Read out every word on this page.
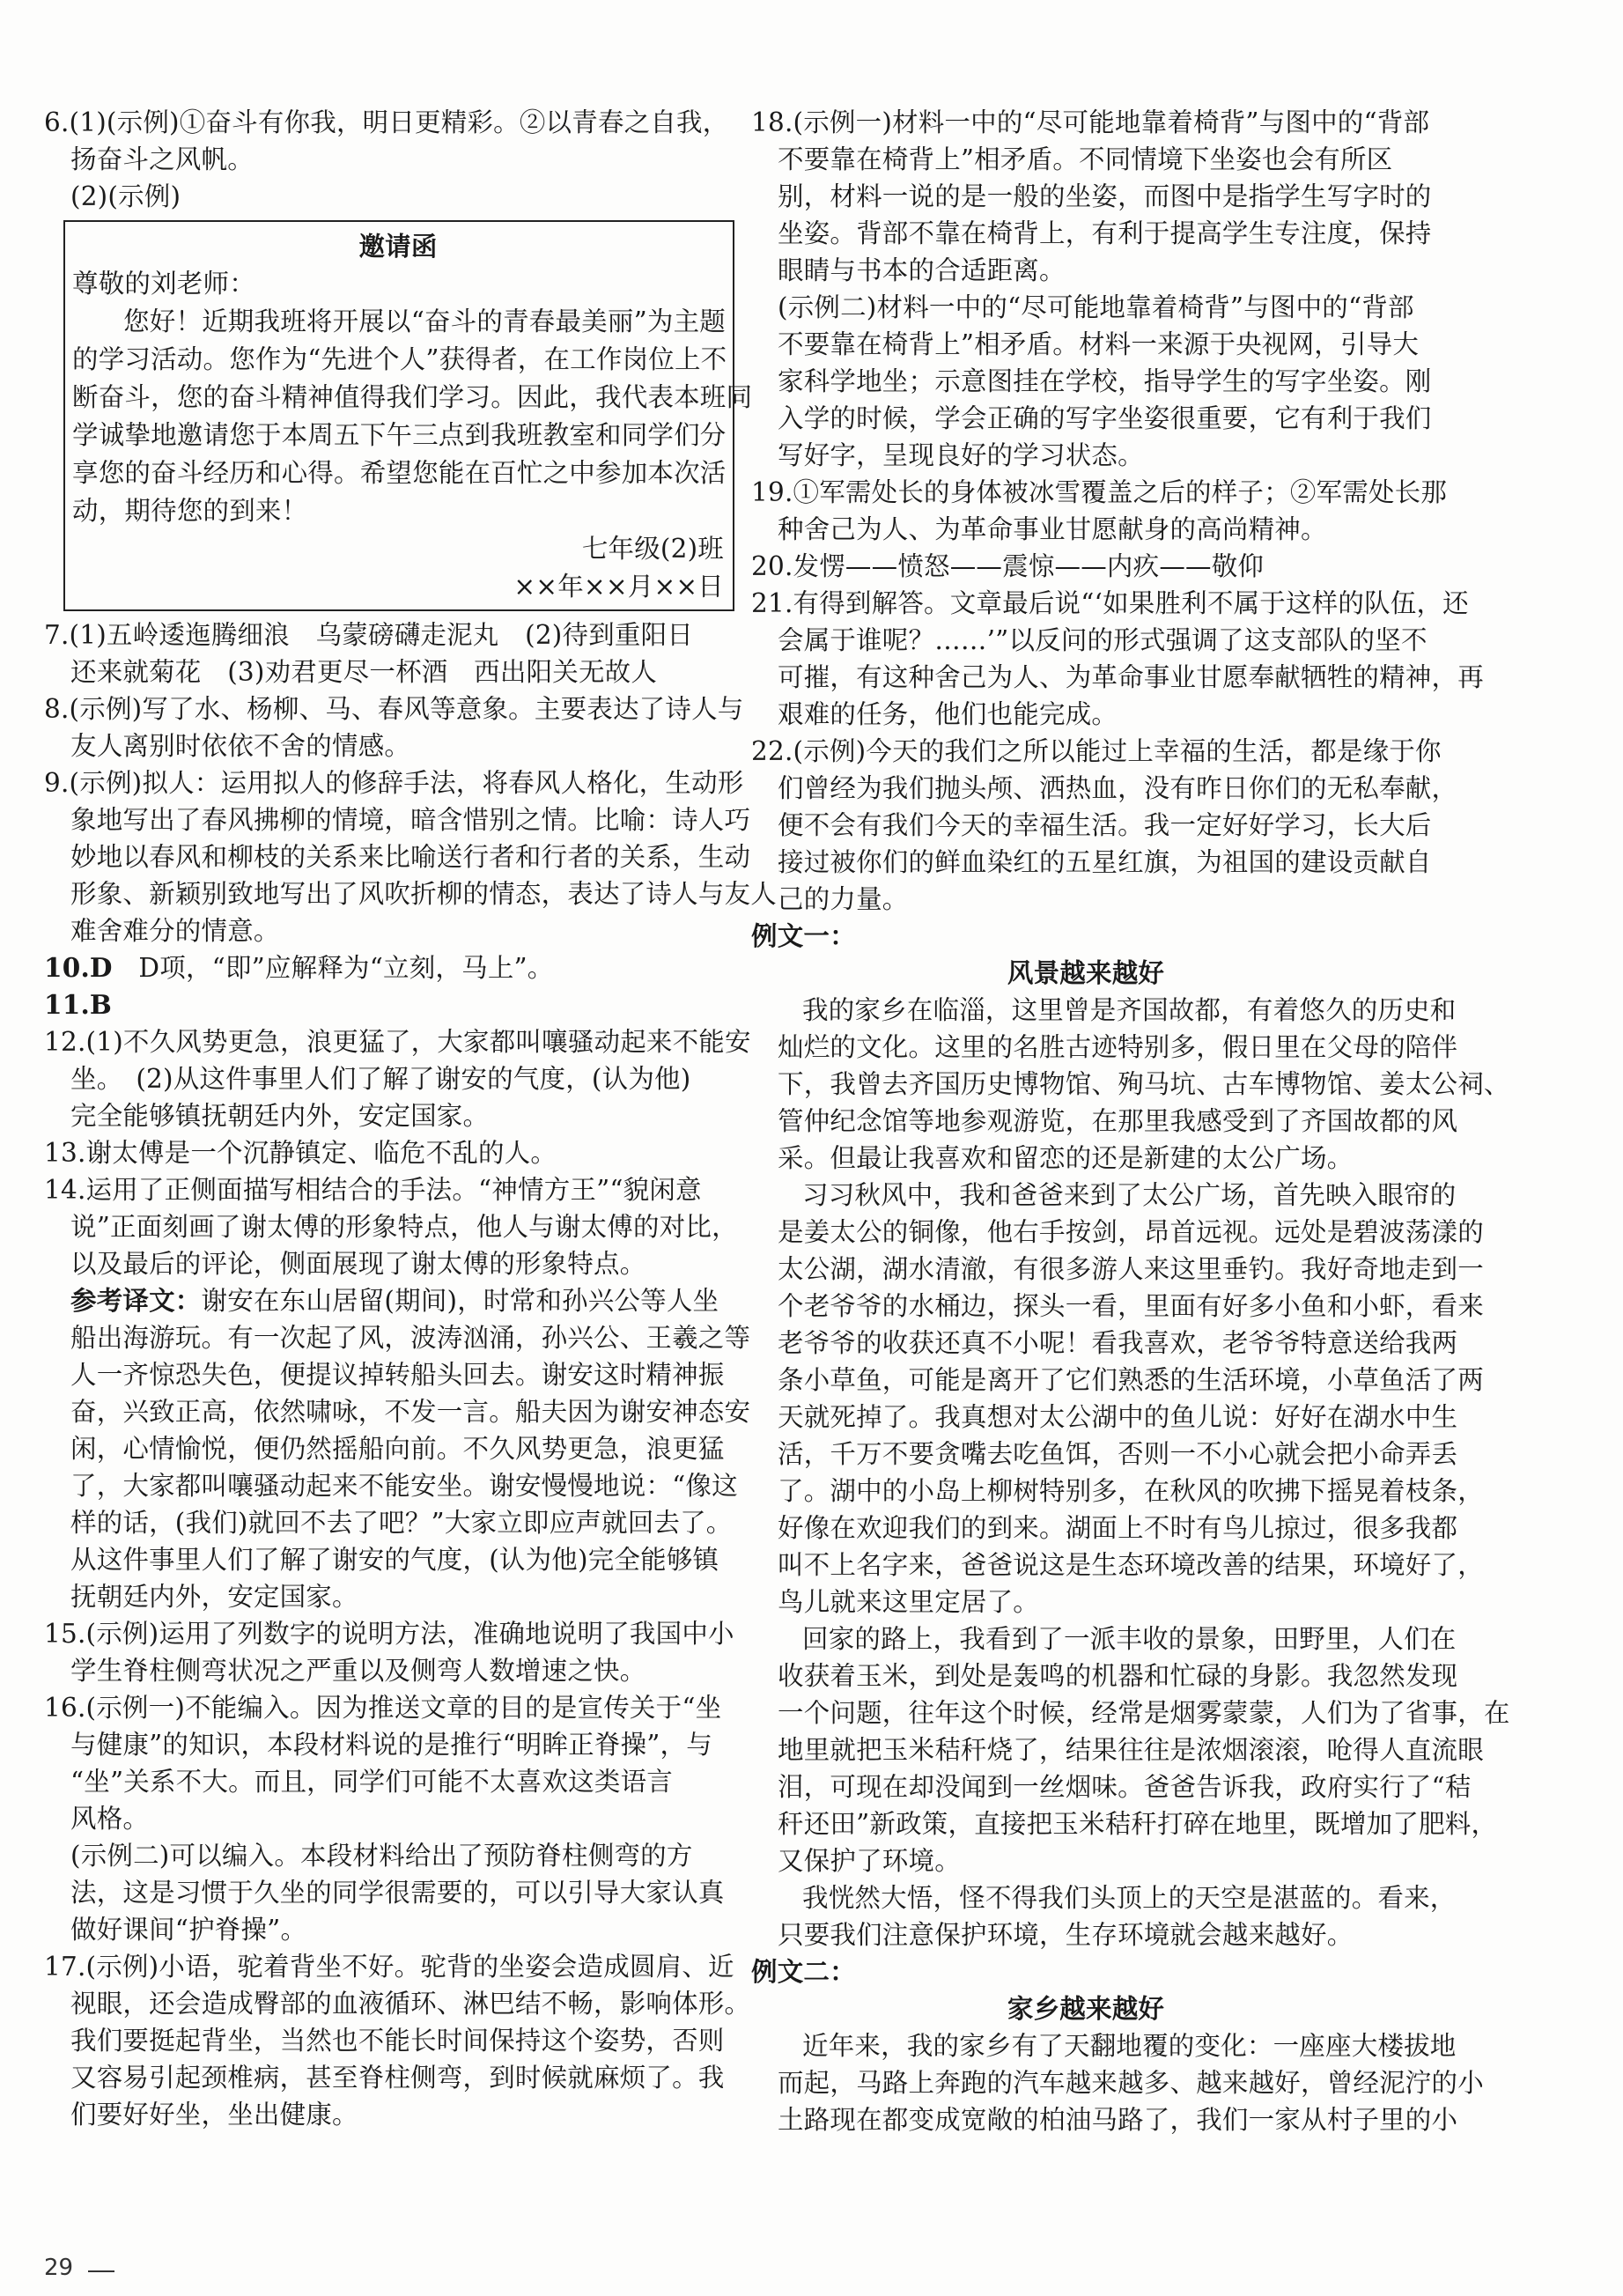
6.(1)(示例)①奋斗有你我，明日更精彩。②以青春之自我，
扬奋斗之风帆。
(2)(示例)
邀请函
尊敬的刘老师：
您好！近期我班将开展以“奋斗的青春最美丽”为主题
的学习活动。您作为“先进个人”获得者，在工作岗位上不
断奋斗，您的奋斗精神值得我们学习。因此，我代表本班同
学诚挚地邀请您于本周五下午三点到我班教室和同学们分
享您的奋斗经历和心得。希望您能在百忙之中参加本次活
动，期待您的到来！
七年级(2)班
××年××月××日
7.(1)五岭逶迤腾细浪　乌蒙磅礴走泥丸　(2)待到重阳日
还来就菊花　(3)劝君更尽一杯酒　西出阳关无故人
8.(示例)写了水、杨柳、马、春风等意象。主要表达了诗人与
友人离别时依依不舍的情感。
9.(示例)拟人：运用拟人的修辞手法，将春风人格化，生动形
象地写出了春风拂柳的情境，暗含惜别之情。比喻：诗人巧
妙地以春风和柳枝的关系来比喻送行者和行者的关系，生动
形象、新颖别致地写出了风吹折柳的情态，表达了诗人与友人
难舍难分的情意。
10.D　 D项，“即”应解释为“立刻，马上”。
11.B
12.(1)不久风势更急，浪更猛了，大家都叫嚷骚动起来不能安
坐。　(2)从这件事里人们了解了谢安的气度，(认为他)
完全能够镇抚朝廷内外，安定国家。
13.谢太傅是一个沉静镇定、临危不乱的人。
14.运用了正侧面描写相结合的手法。“神情方王”“貌闲意
说”正面刻画了谢太傅的形象特点，他人与谢太傅的对比，
以及最后的评论，侧面展现了谢太傅的形象特点。
参考译文：谢安在东山居留(期间)，时常和孙兴公等人坐
船出海游玩。有一次起了风，波涛汹涌，孙兴公、王羲之等
人一齐惊恐失色，便提议掉转船头回去。谢安这时精神振
奋，兴致正高，依然啸咏，不发一言。船夫因为谢安神态安
闲，心情愉悦，便仍然摇船向前。不久风势更急，浪更猛
了，大家都叫嚷骚动起来不能安坐。谢安慢慢地说：“像这
样的话，(我们)就回不去了吧？”大家立即应声就回去了。
从这件事里人们了解了谢安的气度，(认为他)完全能够镇
抚朝廷内外，安定国家。
15.(示例)运用了列数字的说明方法，准确地说明了我国中小
学生脊柱侧弯状况之严重以及侧弯人数增速之快。
16.(示例一)不能编入。因为推送文章的目的是宣传关于“坐
与健康”的知识，本段材料说的是推行“明眸正脊操”，与
“坐”关系不大。而且，同学们可能不太喜欢这类语言
风格。
(示例二)可以编入。本段材料给出了预防脊柱侧弯的方
法，这是习惯于久坐的同学很需要的，可以引导大家认真
做好课间“护脊操”。
17.(示例)小语，驼着背坐不好。驼背的坐姿会造成圆肩、近
视眼，还会造成臀部的血液循环、淋巴结不畅，影响体形。
我们要挺起背坐，当然也不能长时间保持这个姿势，否则
又容易引起颈椎病，甚至脊柱侧弯，到时候就麻烦了。我
们要好好坐，坐出健康。
18.(示例一)材料一中的“尽可能地靠着椅背”与图中的“背部
不要靠在椅背上”相矛盾。不同情境下坐姿也会有所区
别，材料一说的是一般的坐姿，而图中是指学生写字时的
坐姿。背部不靠在椅背上，有利于提高学生专注度，保持
眼睛与书本的合适距离。
(示例二)材料一中的“尽可能地靠着椅背”与图中的“背部
不要靠在椅背上”相矛盾。材料一来源于央视网，引导大
家科学地坐；示意图挂在学校，指导学生的写字坐姿。刚
入学的时候，学会正确的写字坐姿很重要，它有利于我们
写好字，呈现良好的学习状态。
19.①军需处长的身体被冰雪覆盖之后的样子；②军需处长那
种舍己为人、为革命事业甘愿献身的高尚精神。
20.发愣——愤怒——震惊——内疚——敬仰
21.有得到解答。文章最后说“‘如果胜利不属于这样的队伍，还
会属于谁呢？……’”以反问的形式强调了这支部队的坚不
可摧，有这种舍己为人、为革命事业甘愿奉献牺牲的精神，再
艰难的任务，他们也能完成。
22.(示例)今天的我们之所以能过上幸福的生活，都是缘于你
们曾经为我们抛头颅、洒热血，没有昨日你们的无私奉献，
便不会有我们今天的幸福生活。我一定好好学习，长大后
接过被你们的鲜血染红的五星红旗，为祖国的建设贡献自
己的力量。
例文一：
风景越来越好
我的家乡在临淄，这里曾是齐国故都，有着悠久的历史和
灿烂的文化。这里的名胜古迹特别多，假日里在父母的陪伴
下，我曾去齐国历史博物馆、殉马坑、古车博物馆、姜太公祠、
管仲纪念馆等地参观游览，在那里我感受到了齐国故都的风
采。但最让我喜欢和留恋的还是新建的太公广场。
习习秋风中，我和爸爸来到了太公广场，首先映入眼帘的
是姜太公的铜像，他右手按剑，昂首远视。远处是碧波荡漾的
太公湖，湖水清澈，有很多游人来这里垂钓。我好奇地走到一
个老爷爷的水桶边，探头一看，里面有好多小鱼和小虾，看来
老爷爷的收获还真不小呢！看我喜欢，老爷爷特意送给我两
条小草鱼，可能是离开了它们熟悉的生活环境，小草鱼活了两
天就死掉了。我真想对太公湖中的鱼儿说：好好在湖水中生
活，千万不要贪嘴去吃鱼饵，否则一不小心就会把小命弄丢
了。湖中的小岛上柳树特别多，在秋风的吹拂下摇晃着枝条，
好像在欢迎我们的到来。湖面上不时有鸟儿掠过，很多我都
叫不上名字来，爸爸说这是生态环境改善的结果，环境好了，
鸟儿就来这里定居了。
回家的路上，我看到了一派丰收的景象，田野里，人们在
收获着玉米，到处是轰鸣的机器和忙碌的身影。我忽然发现
一个问题，往年这个时候，经常是烟雾蒙蒙，人们为了省事，在
地里就把玉米秸秆烧了，结果往往是浓烟滚滚，呛得人直流眼
泪，可现在却没闻到一丝烟味。爸爸告诉我，政府实行了“秸
秆还田”新政策，直接把玉米秸秆打碎在地里，既增加了肥料，
又保护了环境。
我恍然大悟，怪不得我们头顶上的天空是湛蓝的。看来，
只要我们注意保护环境，生存环境就会越来越好。
例文二：
家乡越来越好
近年来，我的家乡有了天翻地覆的变化：一座座大楼拔地
而起，马路上奔跑的汽车越来越多、越来越好，曾经泥泞的小
土路现在都变成宽敞的柏油马路了，我们一家从村子里的小
29
